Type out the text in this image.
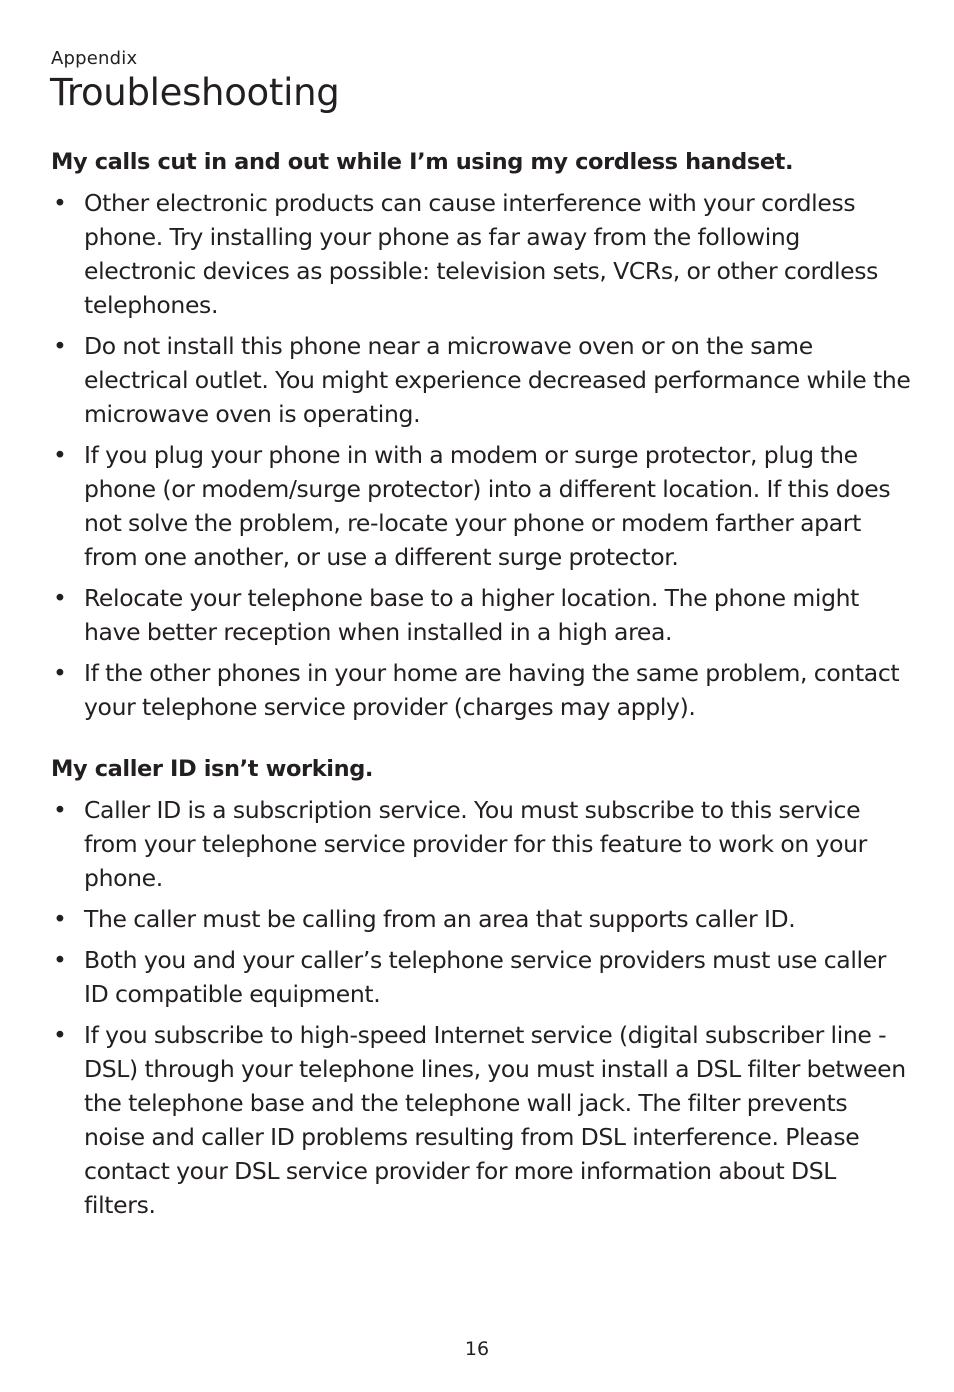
Appendix
Troubleshooting
My calls cut in and out while I’m using my cordless handset.
• Other electronic products can cause interference with your cordless phone. Try installing your phone as far away from the following electronic devices as possible: television sets, VCRs, or other cordless telephones.
• Do not install this phone near a microwave oven or on the same electrical outlet. You might experience decreased performance while the microwave oven is operating.
• If you plug your phone in with a modem or surge protector, plug the phone (or modem/surge protector) into a different location. If this does not solve the problem, re-locate your phone or modem farther apart from one another, or use a different surge protector.
• Relocate your telephone base to a higher location. The phone might have better reception when installed in a high area.
• If the other phones in your home are having the same problem, contact your telephone service provider (charges may apply).
My caller ID isn’t working.
• Caller ID is a subscription service. You must subscribe to this service from your telephone service provider for this feature to work on your phone.
• The caller must be calling from an area that supports caller ID.
• Both you and your caller’s telephone service providers must use caller ID compatible equipment.
• If you subscribe to high-speed Internet service (digital subscriber line - DSL) through your telephone lines, you must install a DSL filter between the telephone base and the telephone wall jack. The filter prevents noise and caller ID problems resulting from DSL interference. Please contact your DSL service provider for more information about DSL filters.
16
